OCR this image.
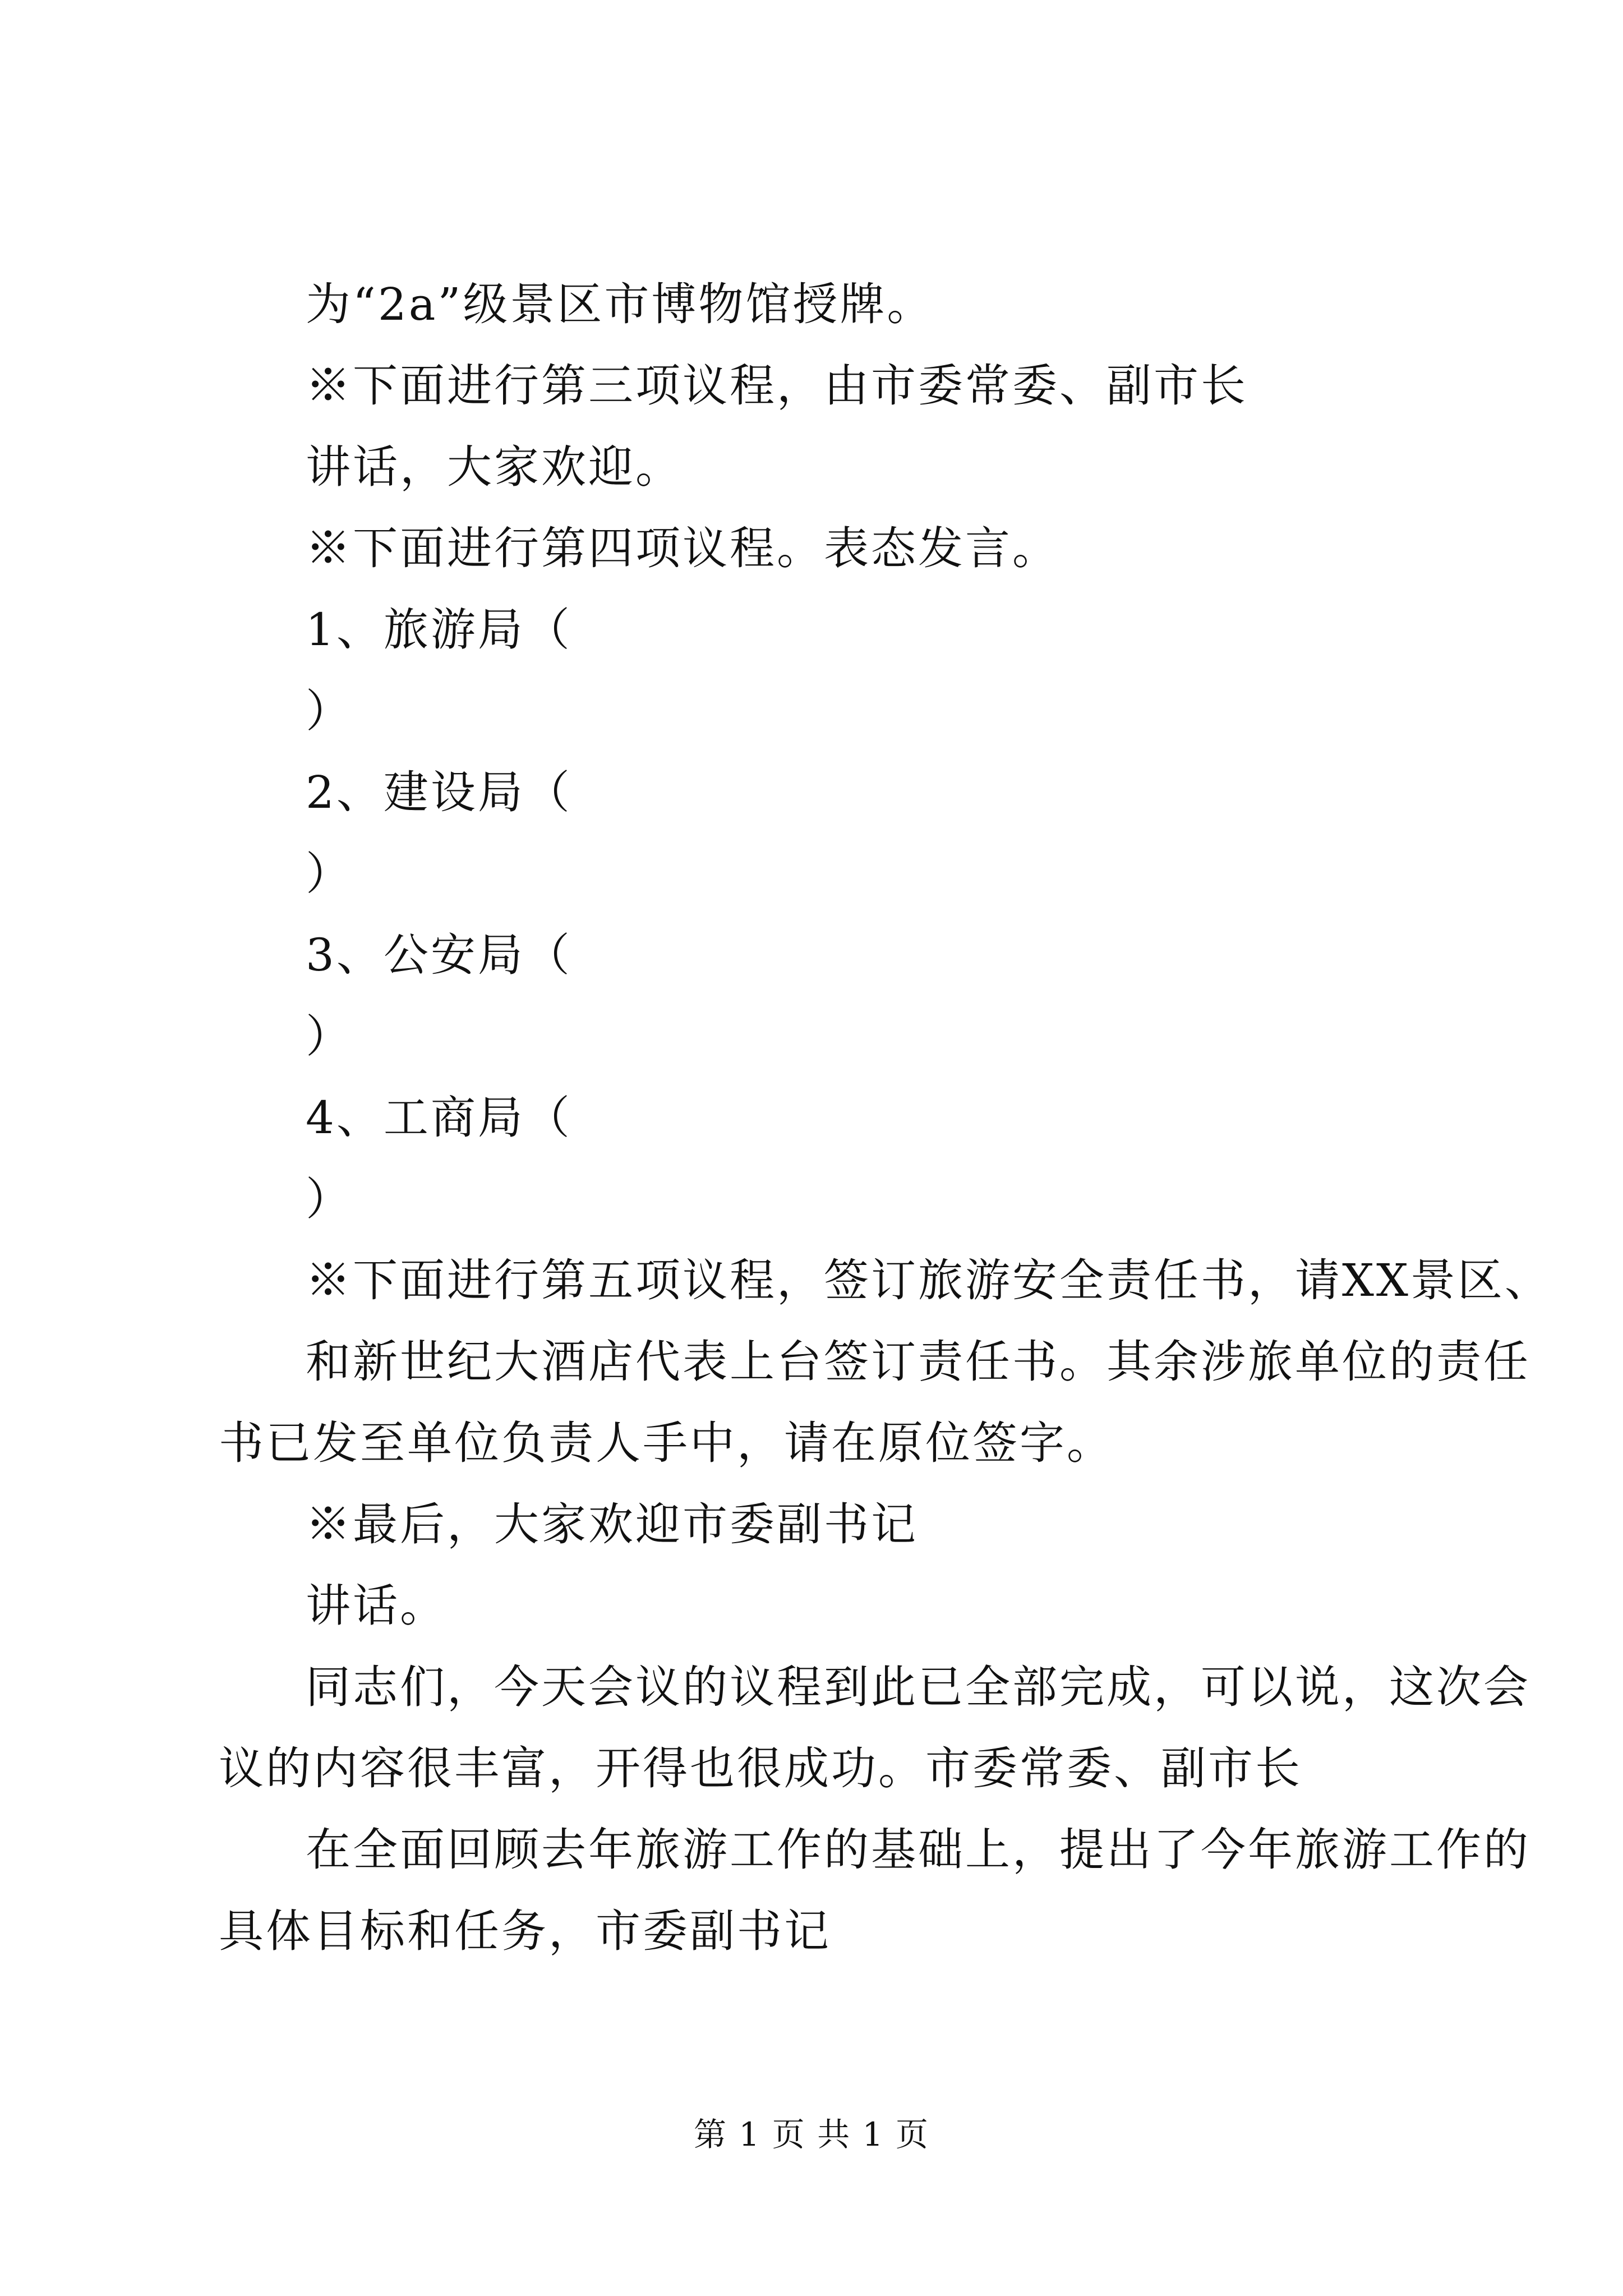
为“2a”级景区市博物馆授牌。
※下面进行第三项议程，由市委常委、副市长
讲话，大家欢迎。
※下面进行第四项议程。表态发言。
1、旅游局（
）
2、建设局（
）
3、公安局（
）
4、工商局（
）
※下面进行第五项议程，签订旅游安全责任书，请XX景区、
和新世纪大酒店代表上台签订责任书。其余涉旅单位的责任
书已发至单位负责人手中，请在原位签字。
※最后，大家欢迎市委副书记
讲话。
同志们，今天会议的议程到此已全部完成，可以说，这次会
议的内容很丰富，开得也很成功。市委常委、副市长
在全面回顾去年旅游工作的基础上，提出了今年旅游工作的
具体目标和任务，市委副书记
第 1 页 共 1 页
